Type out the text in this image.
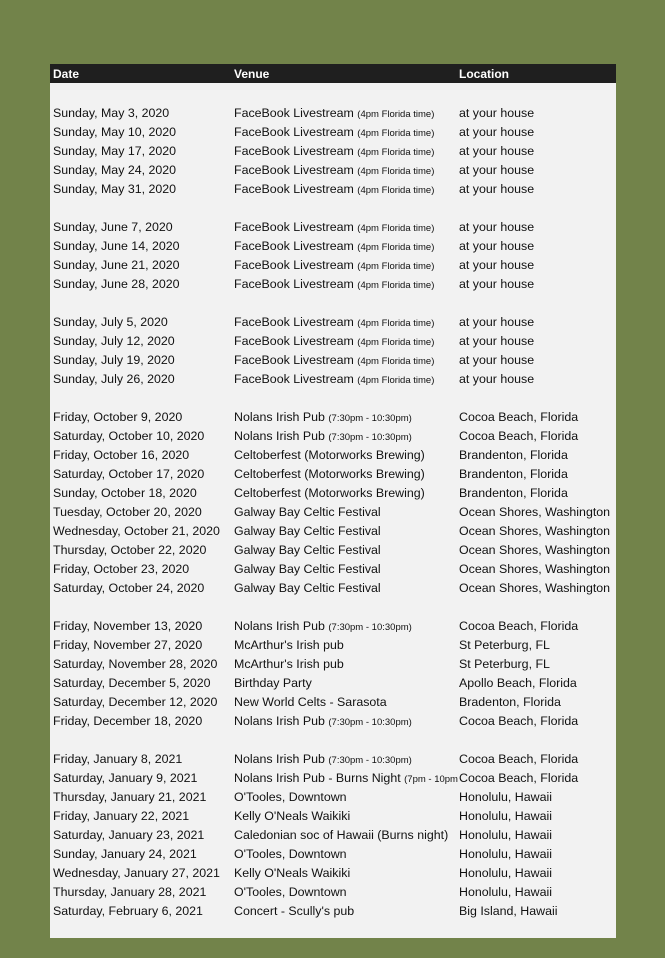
Date	Venue	Location
Sunday, May 3, 2020	FaceBook Livestream (4pm Florida time)	at your house
Sunday, May 10, 2020	FaceBook Livestream (4pm Florida time)	at your house
Sunday, May 17, 2020	FaceBook Livestream (4pm Florida time)	at your house
Sunday, May 24, 2020	FaceBook Livestream (4pm Florida time)	at your house
Sunday, May 31, 2020	FaceBook Livestream (4pm Florida time)	at your house
Sunday, June 7, 2020	FaceBook Livestream (4pm Florida time)	at your house
Sunday, June 14, 2020	FaceBook Livestream (4pm Florida time)	at your house
Sunday, June 21, 2020	FaceBook Livestream (4pm Florida time)	at your house
Sunday, June 28, 2020	FaceBook Livestream (4pm Florida time)	at your house
Sunday, July 5, 2020	FaceBook Livestream (4pm Florida time)	at your house
Sunday, July 12, 2020	FaceBook Livestream (4pm Florida time)	at your house
Sunday, July 19, 2020	FaceBook Livestream (4pm Florida time)	at your house
Sunday, July 26, 2020	FaceBook Livestream (4pm Florida time)	at your house
Friday, October 9, 2020	Nolans Irish Pub (7:30pm - 10:30pm)	Cocoa Beach, Florida
Saturday, October 10, 2020	Nolans Irish Pub (7:30pm - 10:30pm)	Cocoa Beach, Florida
Friday, October 16, 2020	Celtoberfest (Motorworks Brewing)	Brandenton, Florida
Saturday, October 17, 2020	Celtoberfest (Motorworks Brewing)	Brandenton, Florida
Sunday, October 18, 2020	Celtoberfest (Motorworks Brewing)	Brandenton, Florida
Tuesday, October 20, 2020	Galway Bay Celtic Festival	Ocean Shores, Washington
Wednesday, October 21, 2020	Galway Bay Celtic Festival	Ocean Shores, Washington
Thursday, October 22, 2020	Galway Bay Celtic Festival	Ocean Shores, Washington
Friday, October 23, 2020	Galway Bay Celtic Festival	Ocean Shores, Washington
Saturday, October 24, 2020	Galway Bay Celtic Festival	Ocean Shores, Washington
Friday, November 13, 2020	Nolans Irish Pub (7:30pm - 10:30pm)	Cocoa Beach, Florida
Friday, November 27, 2020	McArthur's Irish pub	St Peterburg, FL
Saturday, November 28, 2020	McArthur's Irish pub	St Peterburg, FL
Saturday, December 5, 2020	Birthday Party	Apollo Beach, Florida
Saturday, December 12, 2020	New World Celts - Sarasota	Bradenton, Florida
Friday, December 18, 2020	Nolans Irish Pub (7:30pm - 10:30pm)	Cocoa Beach, Florida
Friday, January 8, 2021	Nolans Irish Pub (7:30pm - 10:30pm)	Cocoa Beach, Florida
Saturday, January 9, 2021	Nolans Irish Pub - Burns Night (7pm - 10pm Cocoa Beach, Florida
Thursday, January 21, 2021	O'Tooles, Downtown	Honolulu, Hawaii
Friday, January 22, 2021	Kelly O'Neals Waikiki	Honolulu, Hawaii
Saturday, January 23, 2021	Caledonian soc of Hawaii (Burns night) Honolulu, Hawaii
Sunday, January 24, 2021	O'Tooles, Downtown	Honolulu, Hawaii
Wednesday, January 27, 2021	Kelly O'Neals Waikiki	Honolulu, Hawaii
Thursday, January 28, 2021	O'Tooles, Downtown	Honolulu, Hawaii
Saturday, February 6, 2021	Concert - Scully's pub	Big Island, Hawaii
